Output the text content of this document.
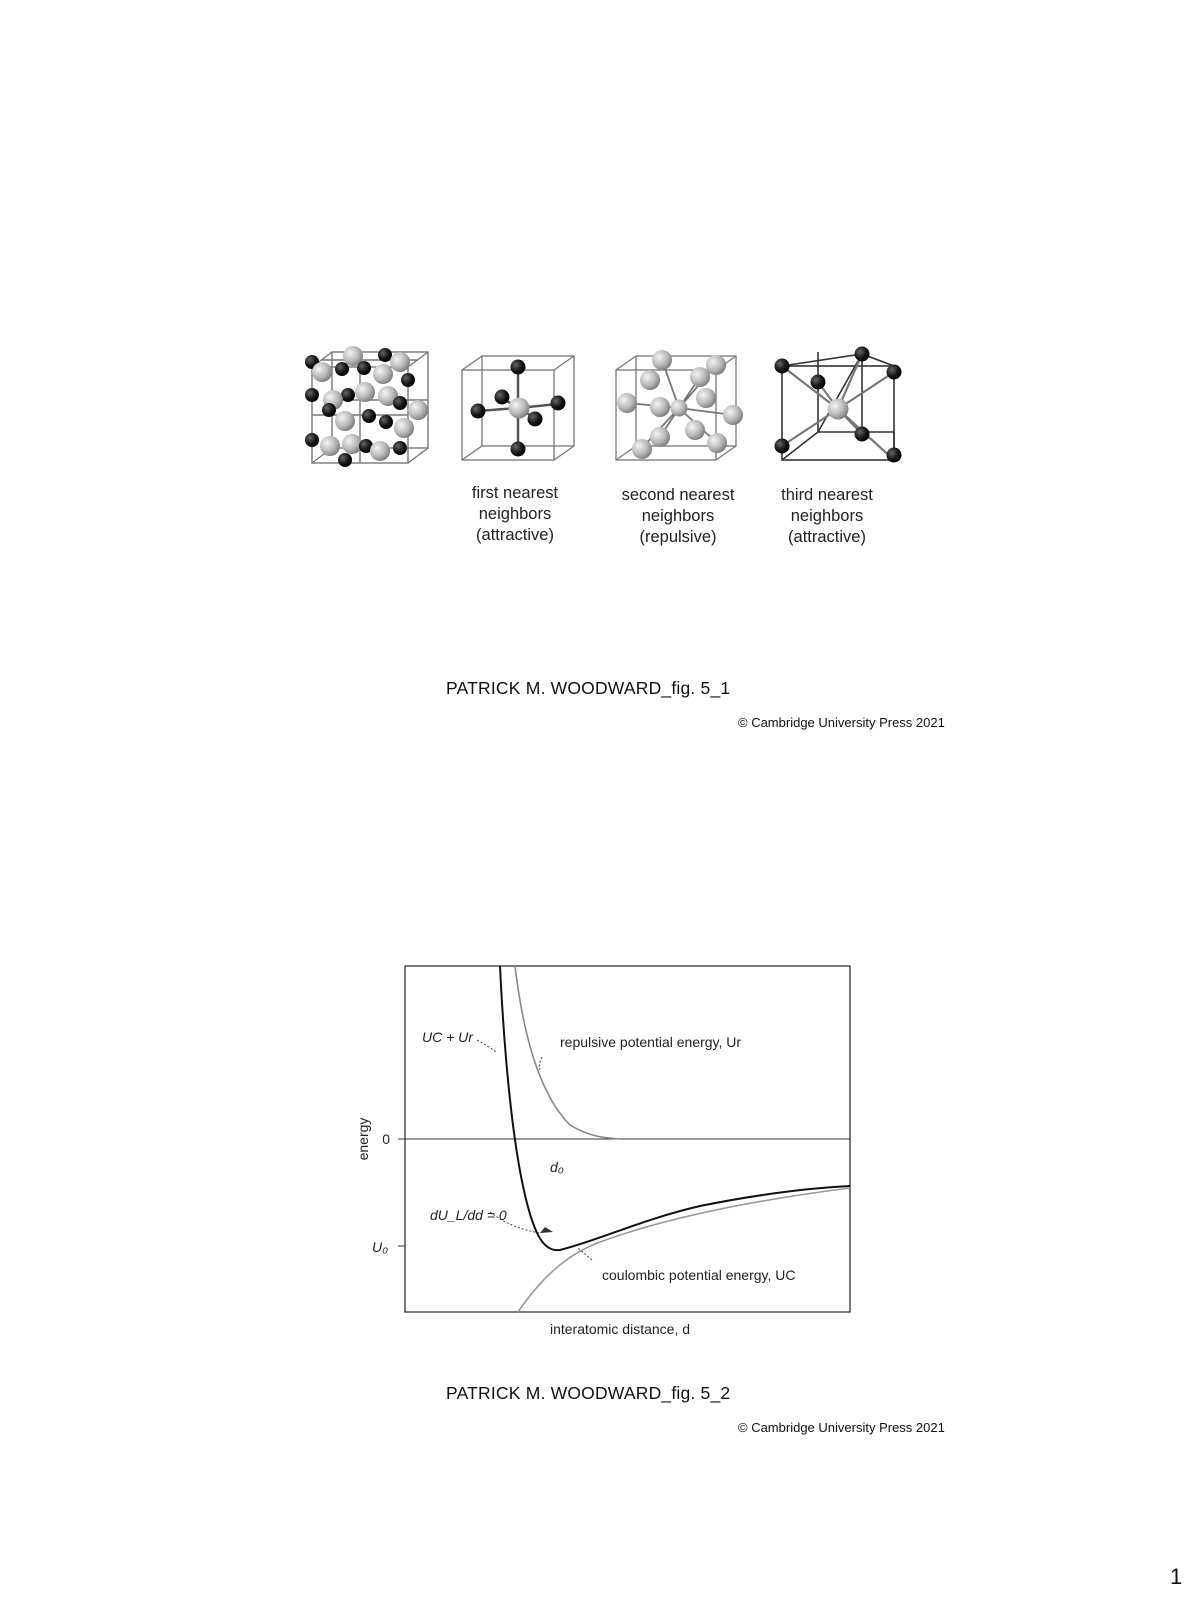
first nearest
neighbors
(attractive)
second nearest
neighbors
(repulsive)
third nearest
neighbors
(attractive)
PATRICK M. WOODWARD_fig. 5_1
© Cambridge University Press 2021
energy 0
U₀
UC + Ur	repulsive potential energy, Ur
d₀
dU_L/dd = 0
coulombic potential energy, UC
interatomic distance, d
PATRICK M. WOODWARD_fig. 5_2
© Cambridge University Press 2021
1
